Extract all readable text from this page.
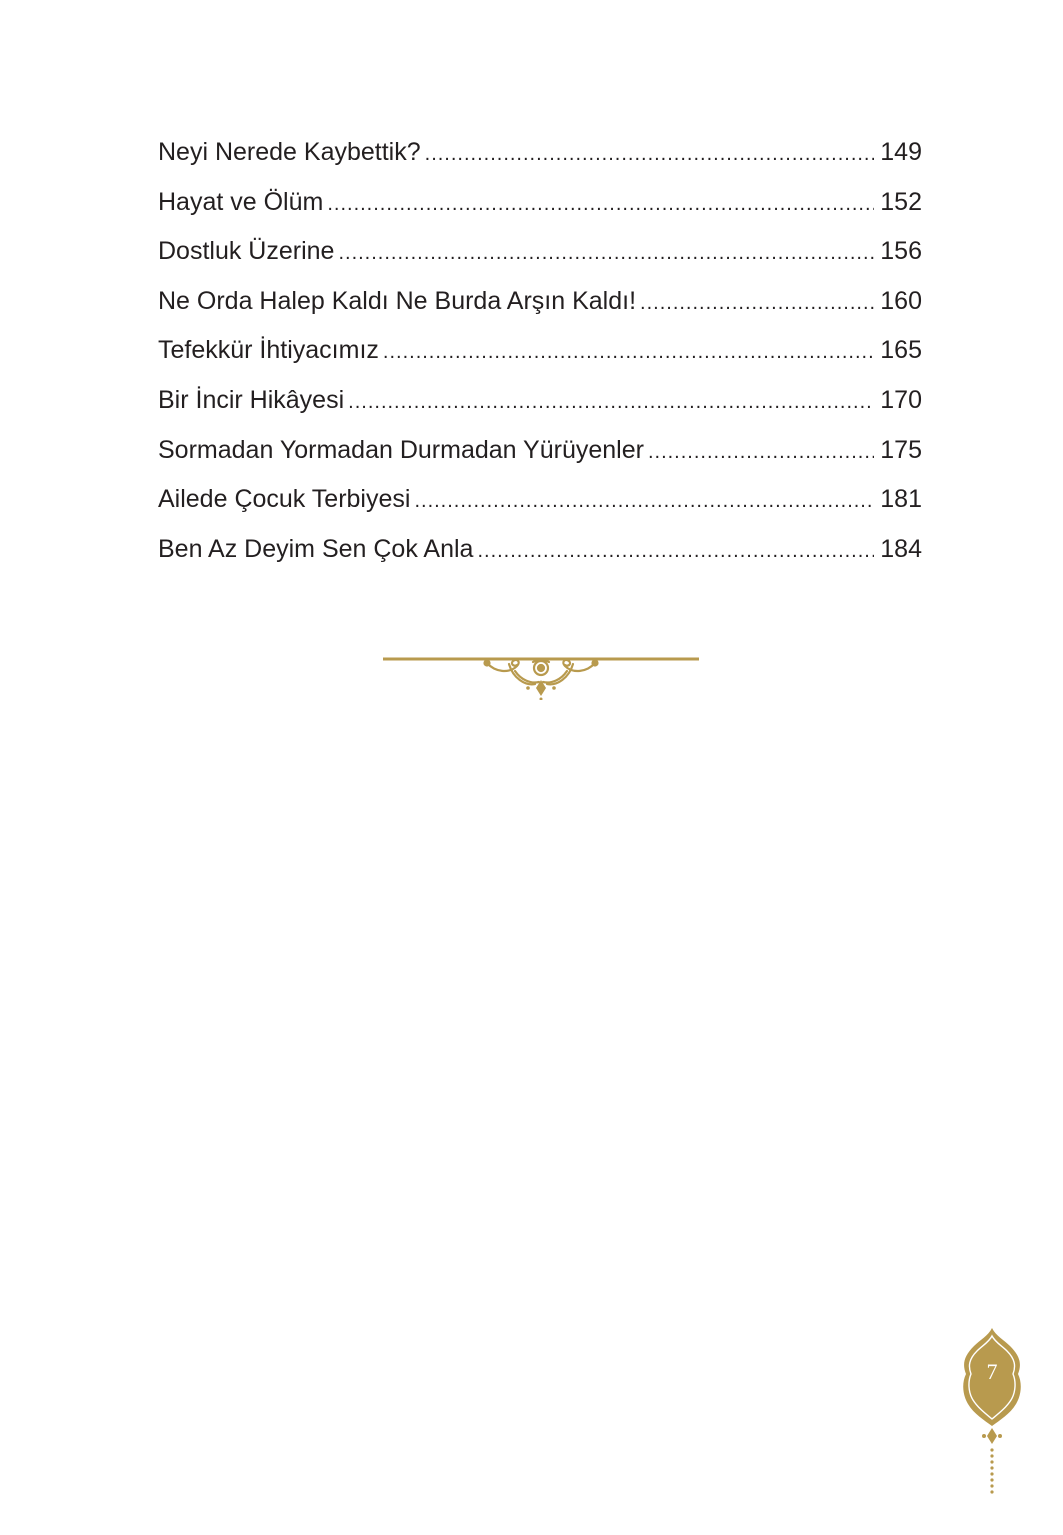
Neyi Nerede Kaybettik? .....	149
Hayat ve Ölüm .....	152
Dostluk Üzerine .....	156
Ne Orda Halep Kaldı Ne Burda Arşın Kaldı! .....	160
Tefekkür İhtiyacımız .....	165
Bir İncir Hikâyesi .....	170
Sormadan Yormadan Durmadan Yürüyenler .....	175
Ailede Çocuk Terbiyesi .....	181
Ben Az Deyim Sen Çok Anla .....	184
7
